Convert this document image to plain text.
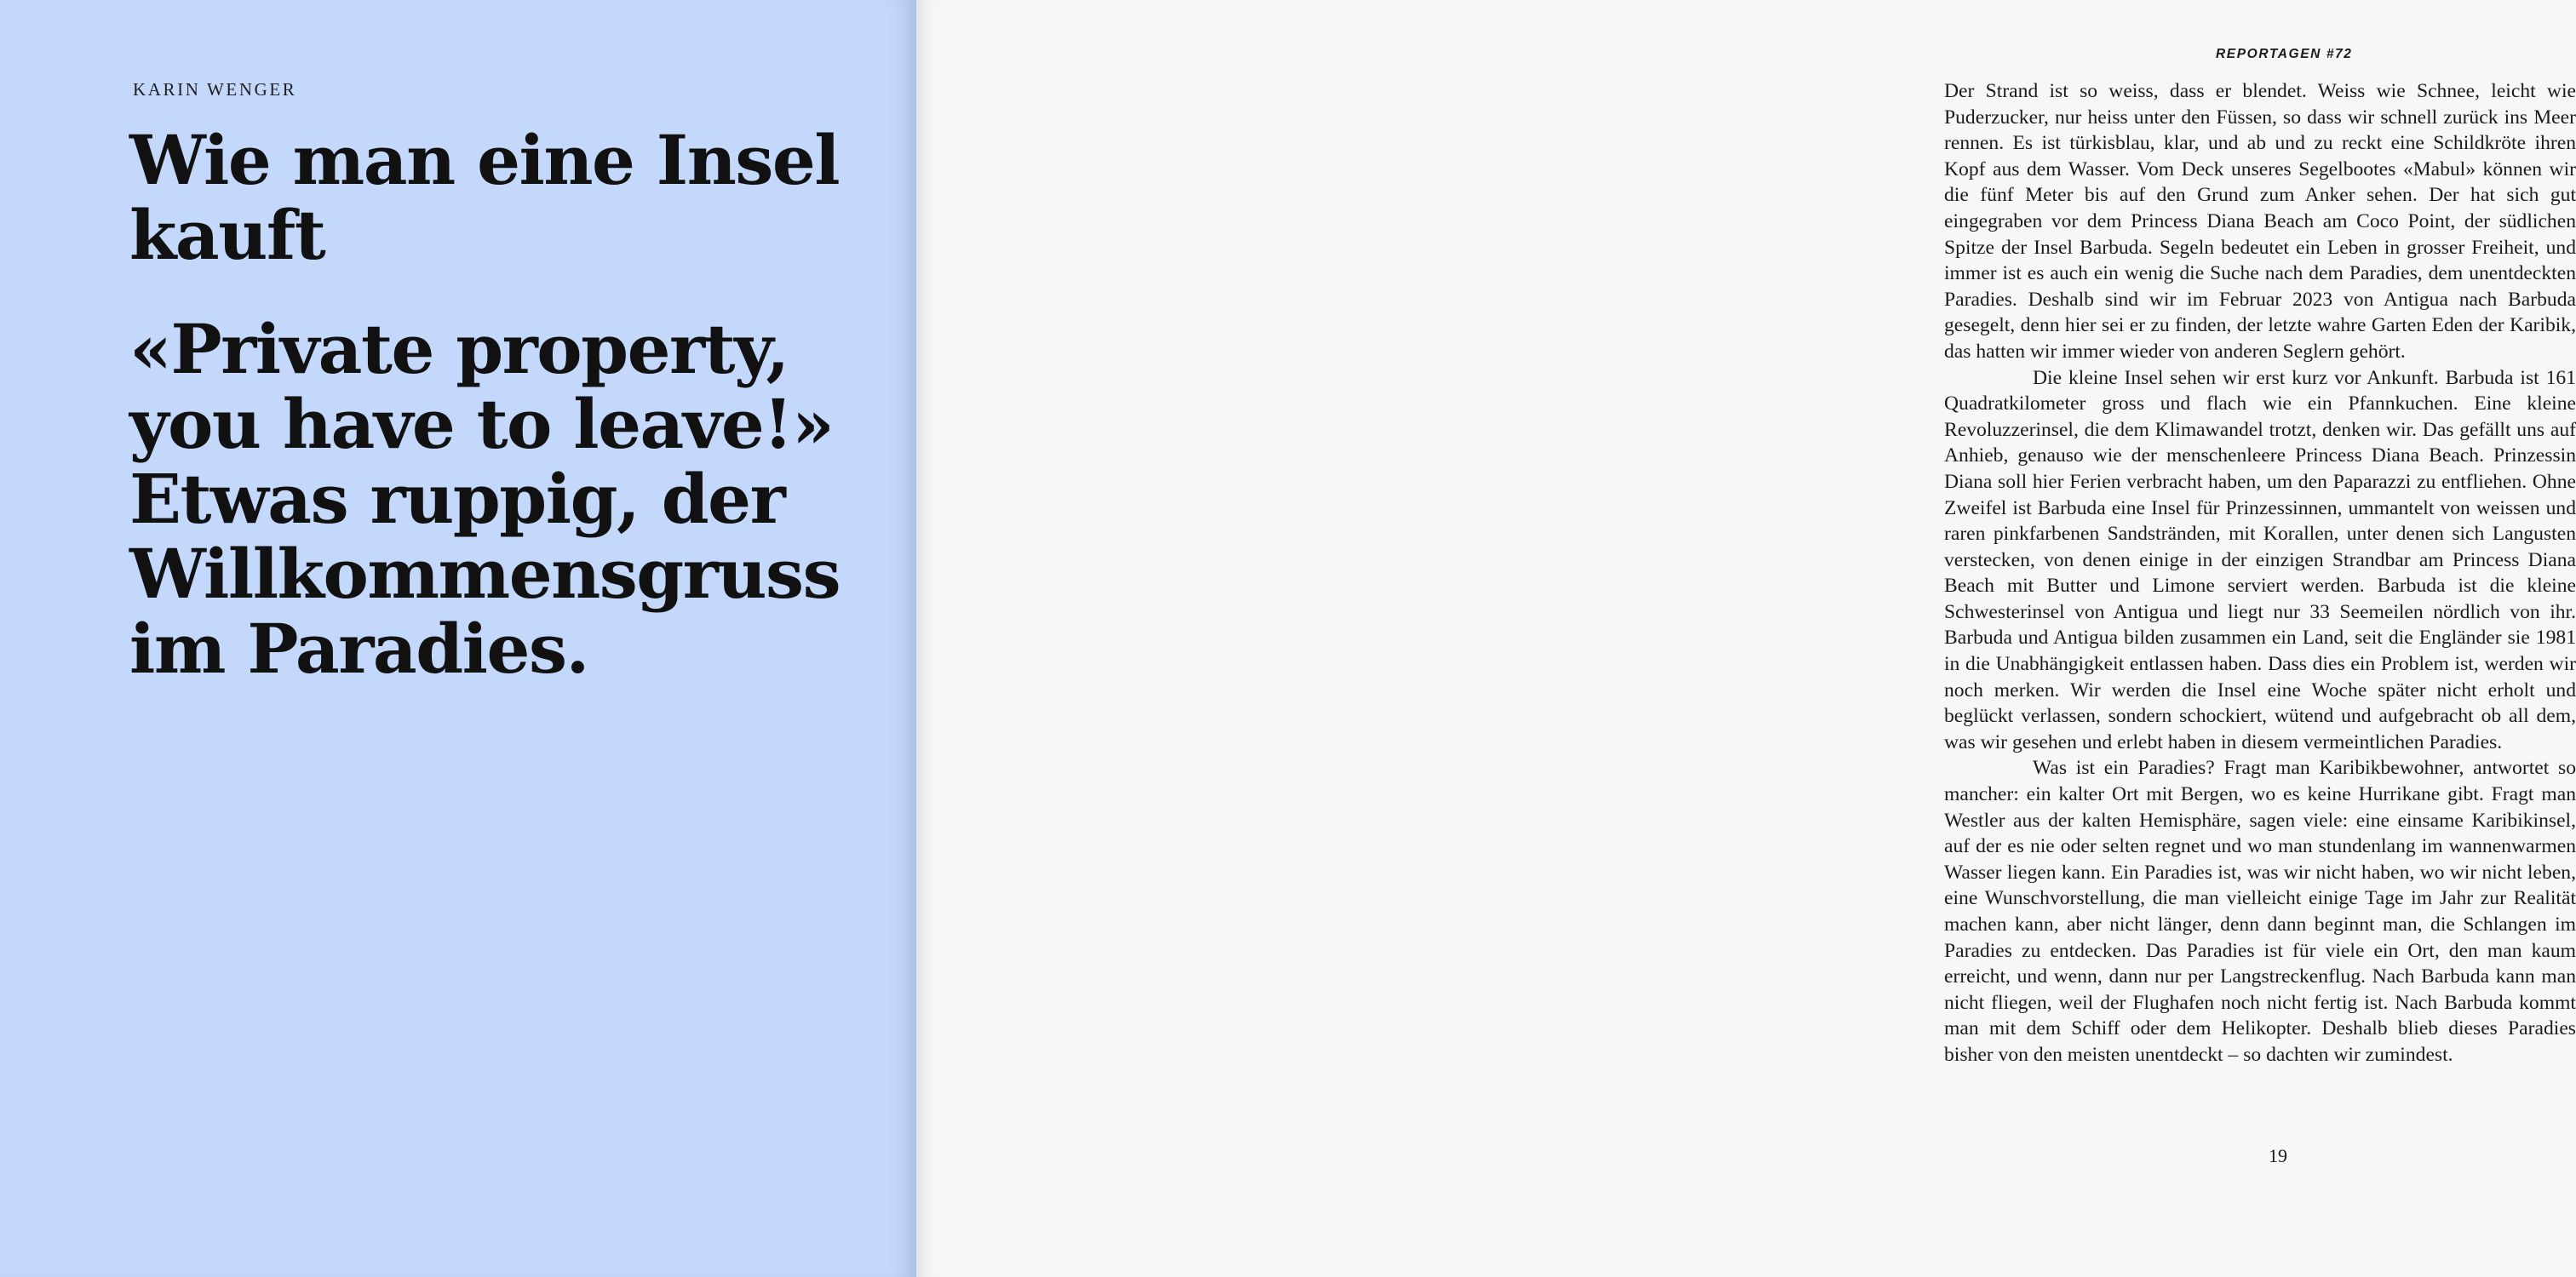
KARIN WENGER
Wie man eine Insel kauft

«Private property, you have to leave!» Etwas ruppig, der Willkommensgruss im Paradies.

REPORTAGEN #72

Der Strand ist so weiss, dass er blendet. Weiss wie Schnee, leicht wie Puderzucker, nur heiss unter den Füssen, so dass wir schnell zurück ins Meer rennen. Es ist türkisblau, klar, und ab und zu reckt eine Schildkröte ihren Kopf aus dem Wasser. Vom Deck unseres Segelbootes «Mabul» können wir die fünf Meter bis auf den Grund zum Anker sehen. Der hat sich gut eingegraben vor dem Princess Diana Beach am Coco Point, der südlichen Spitze der Insel Barbuda. Segeln bedeutet ein Leben in grosser Freiheit, und immer ist es auch ein wenig die Suche nach dem Paradies, dem unentdeckten Paradies. Deshalb sind wir im Februar 2023 von Antigua nach Barbuda gesegelt, denn hier sei er zu finden, der letzte wahre Garten Eden der Karibik, das hatten wir immer wieder von anderen Seglern gehört.

Die kleine Insel sehen wir erst kurz vor Ankunft. Barbuda ist 161 Quadratkilometer gross und flach wie ein Pfannkuchen. Eine kleine Revoluzzerinsel, die dem Klimawandel trotzt, denken wir. Das gefällt uns auf Anhieb, genauso wie der menschenleere Princess Diana Beach. Prinzessin Diana soll hier Ferien verbracht haben, um den Paparazzi zu entfliehen. Ohne Zweifel ist Barbuda eine Insel für Prinzessinnen, ummantelt von weissen und raren pinkfarbenen Sandstränden, mit Korallen, unter denen sich Langusten verstecken, von denen einige in der einzigen Strandbar am Princess Diana Beach mit Butter und Limone serviert werden. Barbuda ist die kleine Schwesterinsel von Antigua und liegt nur 33 Seemeilen nördlich von ihr. Barbuda und Antigua bilden zusammen ein Land, seit die Engländer sie 1981 in die Unabhängigkeit entlassen haben. Dass dies ein Problem ist, werden wir noch merken. Wir werden die Insel eine Woche später nicht erholt und beglückt verlassen, sondern schockiert, wütend und aufgebracht ob all dem, was wir gesehen und erlebt haben in diesem vermeintlichen Paradies.

Was ist ein Paradies? Fragt man Karibikbewohner, antwortet so mancher: ein kalter Ort mit Bergen, wo es keine Hurrikane gibt. Fragt man Westler aus der kalten Hemisphäre, sagen viele: eine einsame Karibikinsel, auf der es nie oder selten regnet und wo man stundenlang im wannenwarmen Wasser liegen kann. Ein Paradies ist, was wir nicht haben, wo wir nicht leben, eine Wunschvorstellung, die man vielleicht einige Tage im Jahr zur Realität machen kann, aber nicht länger, denn dann beginnt man, die Schlangen im Paradies zu entdecken. Das Paradies ist für viele ein Ort, den man kaum erreicht, und wenn, dann nur per Langstreckenflug. Nach Barbuda kann man nicht fliegen, weil der Flughafen noch nicht fertig ist. Nach Barbuda kommt man mit dem Schiff oder dem Helikopter. Deshalb blieb dieses Paradies bisher von den meisten unentdeckt – so dachten wir zumindest.

19
